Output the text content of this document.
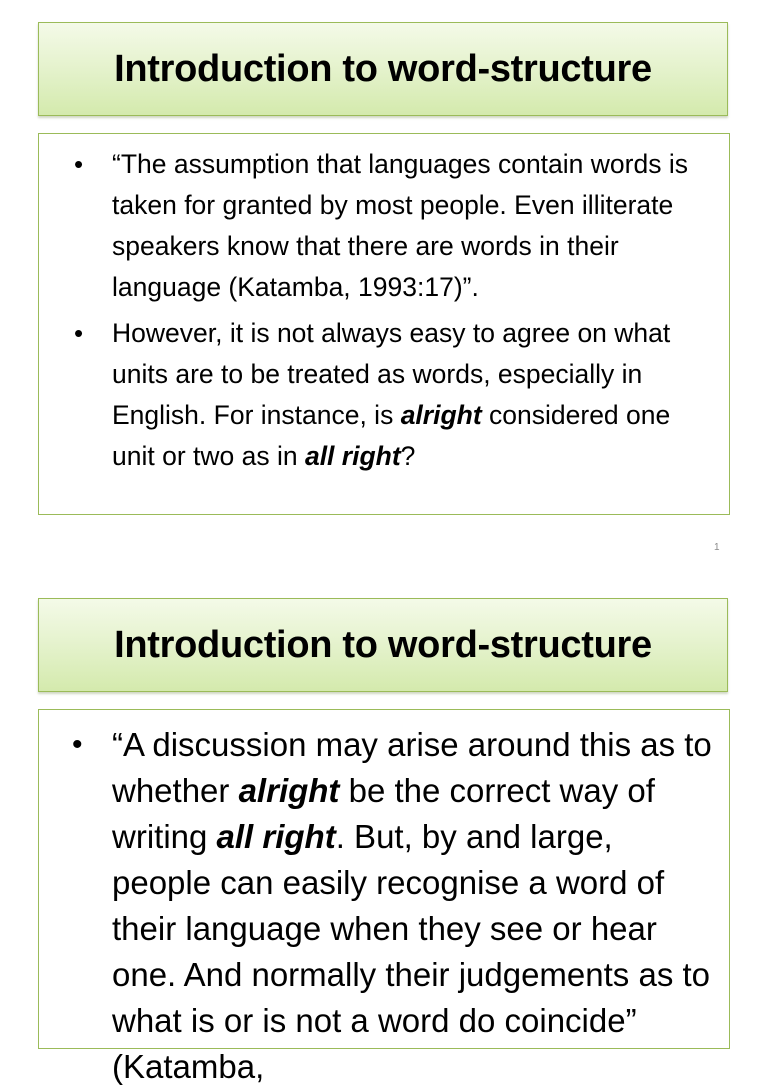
Introduction to word-structure
• “The assumption that languages contain words is taken for granted by most people. Even illiterate speakers know that there are words in their language (Katamba, 1993:17)”.
• However, it is not always easy to agree on what units are to be treated as words, especially in English. For instance, is alright considered one unit or two as in all right?
1
Introduction to word-structure
• “A discussion may arise around this as to whether alright be the correct way of writing all right. But, by and large, people can easily recognise a word of their language when they see or hear one. And normally their judgements as to what is or is not a word do coincide” (Katamba,
